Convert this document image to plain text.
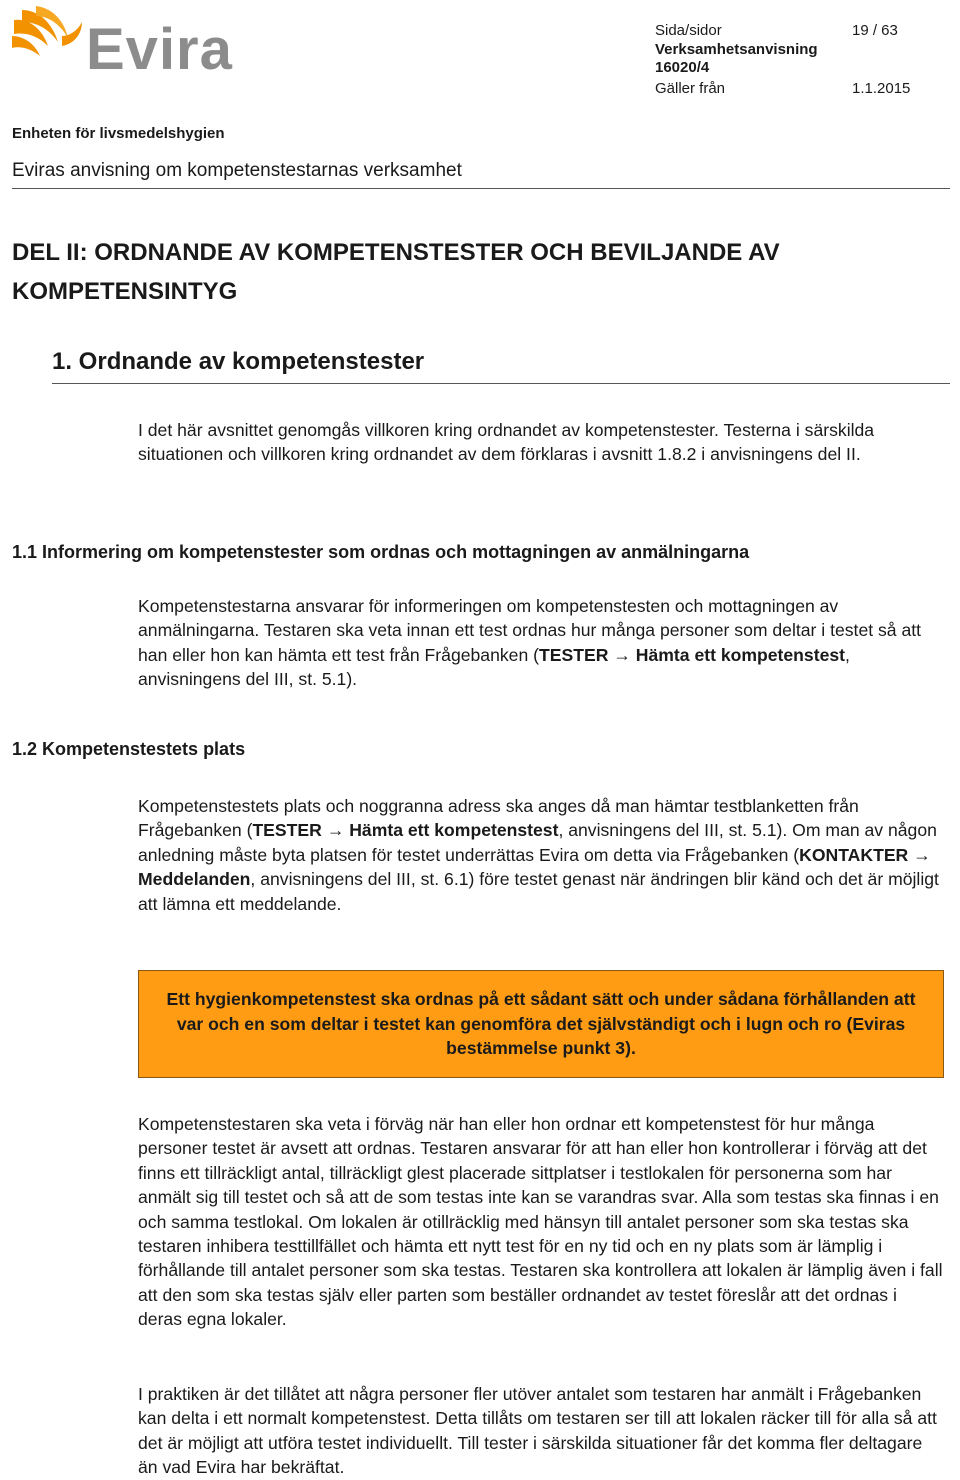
Evira	Sida/sidor	19 / 63
Verksamhetsanvisning
16020/4
Gäller från	1.1.2015
Enheten för livsmedelshygien
Eviras anvisning om kompetenstestarnas verksamhet
DEL II: ORDNANDE AV KOMPETENSTESTER OCH BEVILJANDE AV KOMPETENSINTYG
1. Ordnande av kompetenstester
I det här avsnittet genomgås villkoren kring ordnandet av kompetenstester. Testerna i särskilda situationen och villkoren kring ordnandet av dem förklaras i avsnitt 1.8.2 i anvisningens del II.
1.1 Informering om kompetenstester som ordnas och mottagningen av anmälningarna
Kompetenstestarna ansvarar för informeringen om kompetenstesten och mottagningen av anmälningarna. Testaren ska veta innan ett test ordnas hur många personer som deltar i testet så att han eller hon kan hämta ett test från Frågebanken (TESTER → Hämta ett kompetenstest, anvisningens del III, st. 5.1).
1.2 Kompetenstestets plats
Kompetenstestets plats och noggranna adress ska anges då man hämtar testblanketten från Frågebanken (TESTER → Hämta ett kompetenstest, anvisningens del III, st. 5.1). Om man av någon anledning måste byta platsen för testet underrättas Evira om detta via Frågebanken (KONTAKTER → Meddelanden, anvisningens del III, st. 6.1) före testet genast när ändringen blir känd och det är möjligt att lämna ett meddelande.
Ett hygienkompetenstest ska ordnas på ett sådant sätt och under sådana förhållanden att var och en som deltar i testet kan genomföra det självständigt och i lugn och ro (Eviras bestämmelse punkt 3).
Kompetenstestaren ska veta i förväg när han eller hon ordnar ett kompetenstest för hur många personer testet är avsett att ordnas. Testaren ansvarar för att han eller hon kontrollerar i förväg att det finns ett tillräckligt antal, tillräckligt glest placerade sittplatser i testlokalen för personerna som har anmält sig till testet och så att de som testas inte kan se varandras svar. Alla som testas ska finnas i en och samma testlokal. Om lokalen är otillräcklig med hänsyn till antalet personer som ska testas ska testaren inhibera testtillfället och hämta ett nytt test för en ny tid och en ny plats som är lämplig i förhållande till antalet personer som ska testas. Testaren ska kontrollera att lokalen är lämplig även i fall att den som ska testas själv eller parten som beställer ordnandet av testet föreslår att det ordnas i deras egna lokaler.
I praktiken är det tillåtet att några personer fler utöver antalet som testaren har anmält i Frågebanken kan delta i ett normalt kompetenstest. Detta tillåts om testaren ser till att lokalen räcker till för alla så att det är möjligt att utföra testet individuellt. Till tester i särskilda situationer får det komma fler deltagare än vad Evira har bekräftat.
